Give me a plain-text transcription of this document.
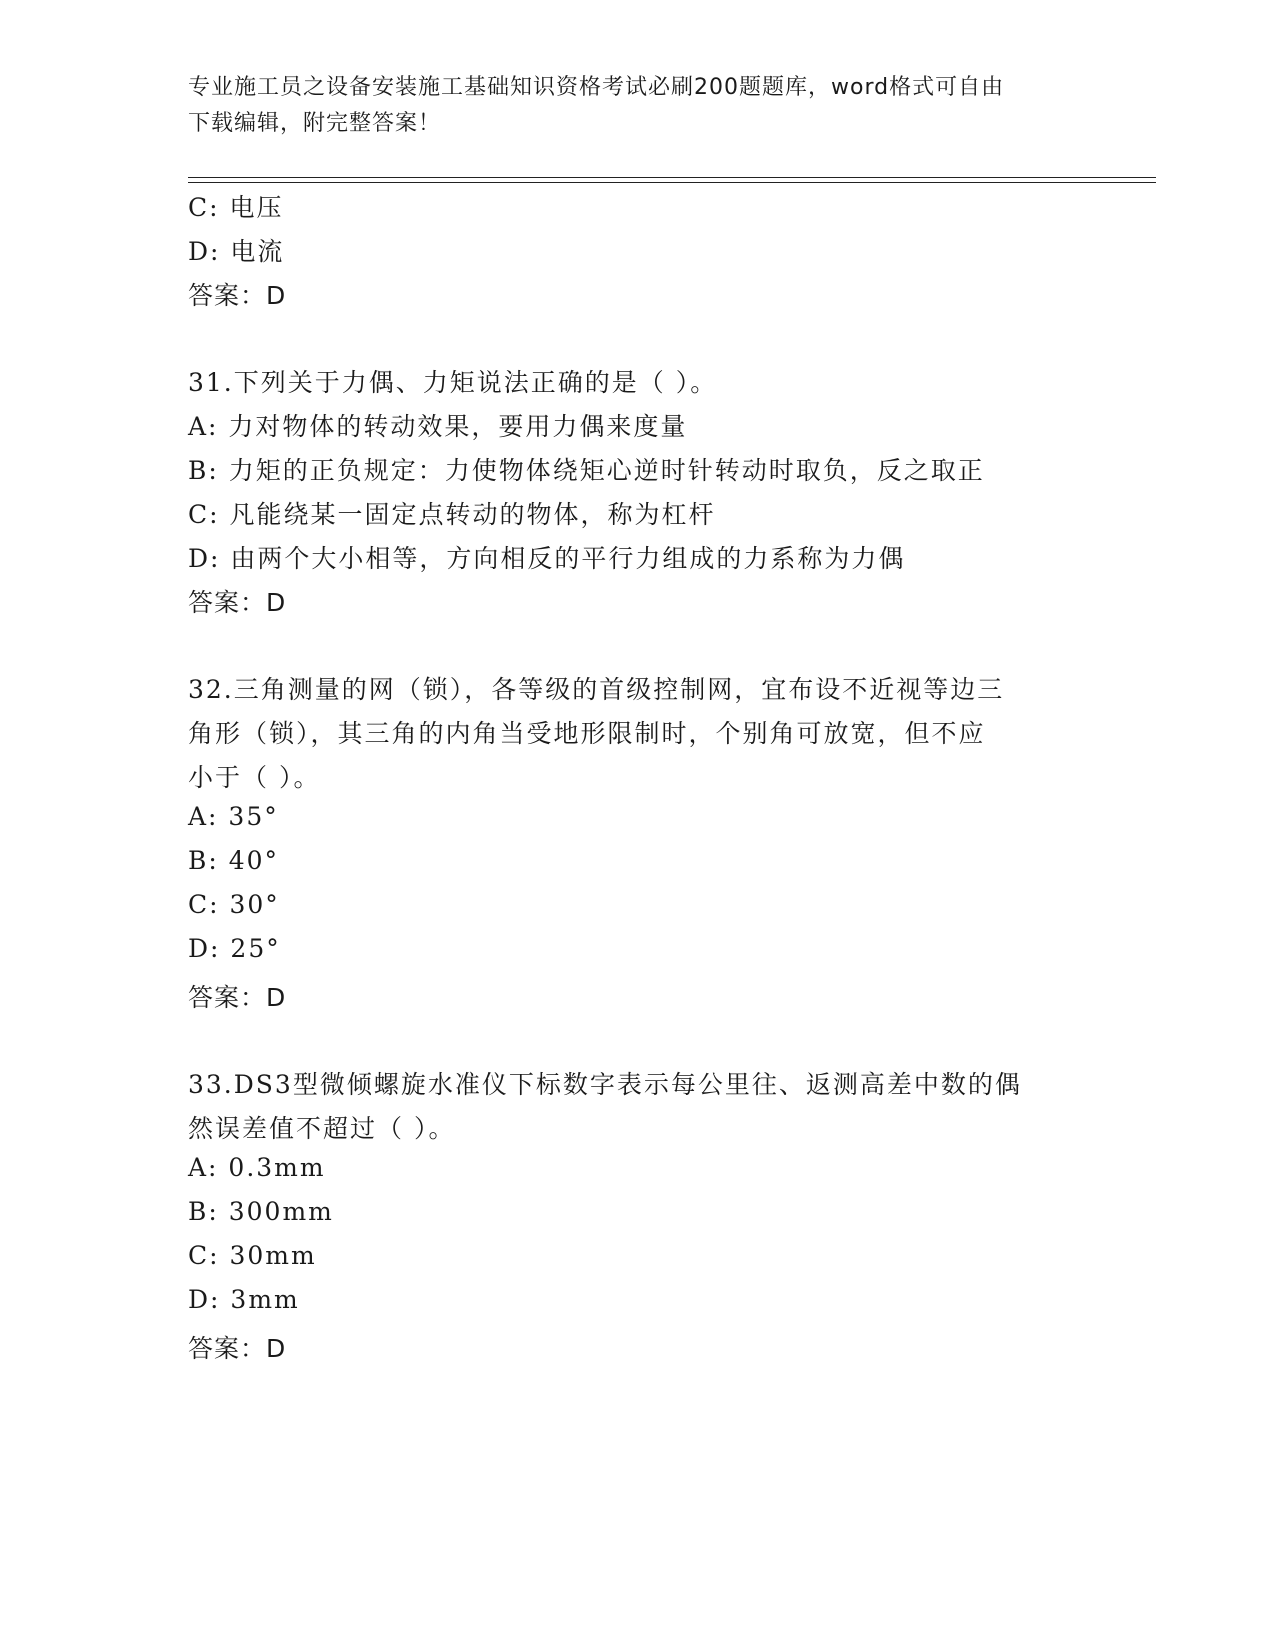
专业施工员之设备安装施工基础知识资格考试必刷200题题库，word格式可自由
下载编辑，附完整答案！
C: 电压
D: 电流
答案：D
31.下列关于力偶、力矩说法正确的是（ ）。
A: 力对物体的转动效果，要用力偶来度量
B: 力矩的正负规定：力使物体绕矩心逆时针转动时取负，反之取正
C: 凡能绕某一固定点转动的物体，称为杠杆
D: 由两个大小相等，方向相反的平行力组成的力系称为力偶
答案：D
32.三角测量的网（锁），各等级的首级控制网，宜布设不近视等边三
角形（锁），其三角的内角当受地形限制时，个别角可放宽，但不应
小于（ ）。
A: 35°
B: 40°
C: 30°
D: 25°
答案：D
33.DS3型微倾螺旋水准仪下标数字表示每公里往、返测高差中数的偶
然误差值不超过（ ）。
A: 0.3mm
B: 300mm
C: 30mm
D: 3mm
答案：D
